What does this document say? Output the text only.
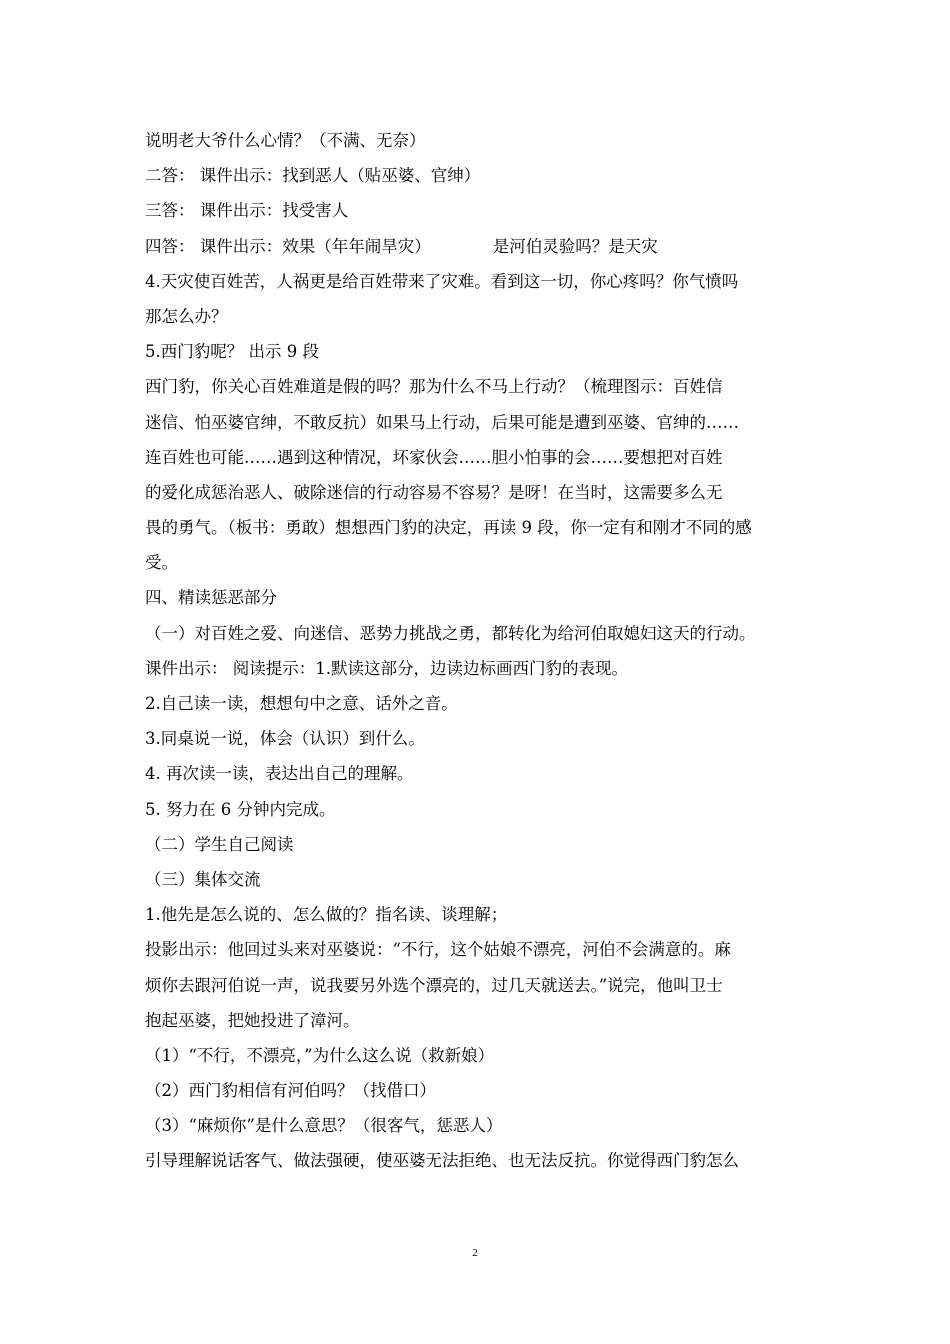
说明老大爷什么心情？（不满、无奈）
二答： 课件出示：找到恶人（贴巫婆、官绅）
三答： 课件出示：找受害人
四答： 课件出示：效果（年年闹旱灾）	是河伯灵验吗？是天灾
4.天灾使百姓苦，人祸更是给百姓带来了灾难。看到这一切，你心疼吗？你气愤吗
那怎么办？
5.西门豹呢？ 出示 9 段
西门豹，你关心百姓难道是假的吗？那为什么不马上行动？（梳理图示：百姓信
迷信、怕巫婆官绅，不敢反抗）如果马上行动，后果可能是遭到巫婆、官绅的……
连百姓也可能……遇到这种情况，坏家伙会……胆小怕事的会……要想把对百姓
的爱化成惩治恶人、破除迷信的行动容易不容易？是呀！在当时，这需要多么无
畏的勇气。（板书：勇敢）想想西门豹的决定，再读 9 段，你一定有和刚才不同的感
受。
四、精读惩恶部分
（一）对百姓之爱、向迷信、恶势力挑战之勇，都转化为给河伯取媳妇这天的行动。
课件出示： 阅读提示：1.默读这部分，边读边标画西门豹的表现。
2.自己读一读，想想句中之意、话外之音。
3.同桌说一说，体会（认识）到什么。
4. 再次读一读，表达出自己的理解。
5. 努力在 6 分钟内完成。
（二）学生自己阅读
（三）集体交流
1.他先是怎么说的、怎么做的？指名读、谈理解；
投影出示：他回过头来对巫婆说：“不行，这个姑娘不漂亮，河伯不会满意的。麻
烦你去跟河伯说一声，说我要另外选个漂亮的，过几天就送去。”说完，他叫卫士
抱起巫婆，把她投进了漳河。
（1）“不行，不漂亮，”为什么这么说（救新娘）
（2）西门豹相信有河伯吗？（找借口）
（3）“麻烦你”是什么意思？（很客气，惩恶人）
引导理解说话客气、做法强硬，使巫婆无法拒绝、也无法反抗。你觉得西门豹怎么
2
